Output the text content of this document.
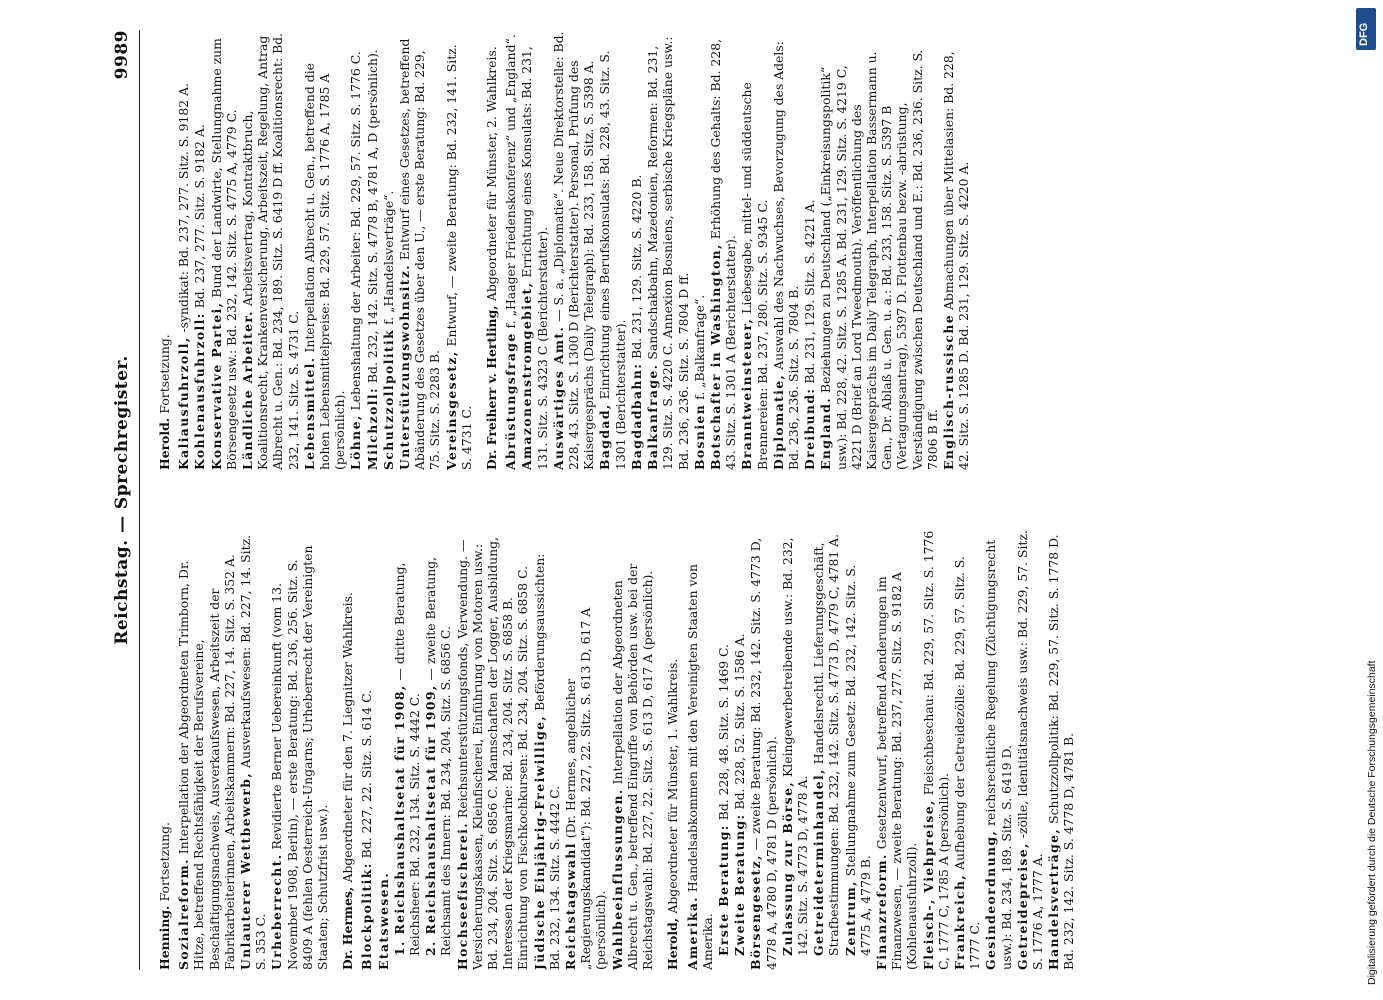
Reichstag. — Sprechregister.
9989
Henning. Fortsetzung. Sozialreform. Interpellation der Abgeordneten Trimborn, Dr. Hitze, betreffend Rechtsfähigkeit der Berufsvereine, Beschäftigungsnachweis, Ausverkaufswesen, Arbeitszeit der Fabrikarbeiterinnen, Arbeitskammern: Bd. 227, 14. Sitz. S. 352 A. Unlauterer Wettbewerb, Ausverkaufswesen: Bd. 227, 14. Sitz. S. 353 C. Urheberrecht. Revidierte Berner Uebereinkunft (vom 13. November 1908, Berlin), — erste Beratung: Bd. 236, 256. Sitz. S. 8409 A (fehlen Oesterreich-Ungarns; Urheberrecht der Vereinigten Staaten; Schutzfrist usw.). Dr. Hermes, Abgeordneter für den 7. Liegnitzer Wahlkreis.
Blockpolitik: Bd. 227, 22. Sitz. S. 614 C.
Etatswesen. 1. Reichshaushaltsetat für 1908, — dritte Beratung, Reichsheer: Bd. 232, 134. Sitz. S. 4442 C. 2. Reichshaushaltsetat für 1909, — zweite Beratung, Reichsamt des Innern: Bd. 234, 204. Sitz. S. 6856 C. Hochseefischerei. Reichsunterstützungsfonds, Verwendung. — Versicherungskassen, Kleinfischerei, Einführung von Motoren usw.: Bd. 234, 204. Sitz. S. 6856 C. Mannschaften der Logger, Ausbildung, Interessen der Kriegsmarine: Bd. 234, 204. Sitz. S. 6858 B. Einrichtung von Fischkochkursen: Bd. 234, 204. Sitz. S. 6858 C. Jüdische Einjährig-Freiwillige, Beförderungsaussichten: Bd. 232, 134. Sitz. S. 4442 C. Reichstagswahl (Dr. Hermes, angeblicher „Regierungskandidat“): Bd. 227, 22. Sitz. S. 613 D, 617 A (persönlich). Wahlbeeinflussungen. Interpellation der Abgeordneten Albrecht u. Gen., betreffend Eingriffe von Behörden usw. bei der Reichstagswahl: Bd. 227, 22. Sitz. S. 613 D, 617 A (persönlich). Herold, Abgeordneter für Münster, 1. Wahlkreis.
Amerika. Handelsabkommen mit den Vereinigten Staaten von Amerika. Erste Beratung: Bd. 228, 48. Sitz. S. 1469 C.
Zweite Beratung: Bd. 228, 52. Sitz. S. 1586 A.
Börsengesetz, — zweite Beratung: Bd. 232, 142. Sitz. S. 4773 D, 4778 A, 4780 D, 4781 D (persönlich). Zulassung zur Börse, Kleingewerbetreibende usw.: Bd. 232, 142. Sitz. S. 4773 D, 4778 A. Getreideterminhandel, Handelsrechtl. Lieferungsgeschäft, Strafbestimmungen: Bd. 232, 142. Sitz. S. 4773 D, 4779 C, 4781 A. Zentrum, Stellungnahme zum Gesetz: Bd. 232, 142. Sitz. S. 4775 A, 4779 B. Finanzreform. Gesetzentwurf, betreffend Aenderungen im Finanzwesen, — zweite Beratung: Bd. 237, 277. Sitz. S. 9182 A (Kohlenausfuhrzoll). Fleisch-, Viehpreise, Fleischbeschau: Bd. 229, 57. Sitz. S. 1776 C, 1777 C, 1785 A (persönlich). Frankreich, Aufhebung der Getreidezölle: Bd. 229, 57. Sitz. S. 1777 C. Gesindeordnung, reichsrechtliche Regelung (Züchtigungsrecht usw.): Bd. 234, 189. Sitz. S. 6419 D. Getreidepreise, -zölle, Identitätsnachweis usw.: Bd. 229, 57. Sitz. S. 1776 A, 1777 A. Handelsverträge, Schutzzollpolitik: Bd. 229, 57. Sitz. S. 1778 D. Bd. 232, 142. Sitz. S. 4778 D, 4781 B.
Herold. Fortsetzung. Kaliausfuhrzoll, -syndikat: Bd. 237, 277. Sitz. S. 9182 A.
Kohlenausfuhrzoll: Bd. 237, 277. Sitz. S. 9182 A.
Konservative Partei, Bund der Landwirte, Stellungnahme zum Börsengesetz usw.: Bd. 232, 142. Sitz. S. 4775 A, 4779 C. Ländliche Arbeiter. Arbeitsvertrag, Kontraktbruch, Koalitionsrecht, Krankenversicherung, Arbeitszeit, Regelung, Antrag Albrecht u. Gen.: Bd. 234, 189. Sitz. S. 6419 D ff. Koalitionsrecht: Bd. 232, 141. Sitz. S. 4731 C. Lebensmittel. Interpellation Albrecht u. Gen., betreffend die hohen Lebensmittelpreise: Bd. 229, 57. Sitz. S. 1776 A, 1785 A (persönlich). Löhne, Lebenshaltung der Arbeiter: Bd. 229, 57. Sitz. S. 1776 C.
Milchzoll: Bd. 232, 142. Sitz. S. 4778 B, 4781 A, D (persönlich).
Schutzzollpolitik f. „Handelsverträge“.
Unterstützungswohnsitz. Entwurf eines Gesetzes, betreffend Abänderung des Gesetzes über den U., — erste Beratung: Bd. 229, 75. Sitz. S. 2283 B. Vereinsgesetz, Entwurf, — zweite Beratung: Bd. 232, 141. Sitz. S. 4731 C. Dr. Freiherr v. Hertling, Abgeordneter für Münster, 2. Wahlkreis.
Abrüstungsfrage f. „Haager Friedenskonferenz“ und „England“.
Amazonenstromgebiet, Errichtung eines Konsulats: Bd. 231, 131. Sitz. S. 4323 C (Berichterstatter). Auswärtiges Amt. — S. a. „Diplomatie“. Neue Direktorstelle: Bd. 228, 43. Sitz. S. 1300 D (Berichterstatter). Personal, Prüfung des Kaisergesprächs (Daily Telegraph): Bd. 233, 158. Sitz. S. 5398 A. Bagdad, Einrichtung eines Berufskonsulats: Bd. 228, 43. Sitz. S. 1301 (Berichterstatter). Bagdadbahn: Bd. 231, 129. Sitz. S. 4220 B.
Balkanfrage. Sandschakbahn, Mazedonien, Reformen: Bd. 231, 129. Sitz. S. 4220 C. Annexion Bosniens, serbische Kriegspläne usw.: Bd. 236, 236. Sitz. S. 7804 D ff. Bosnien f. „Balkanfrage“. Botschafter in Washington, Erhöhung des Gehalts: Bd. 228, 43. Sitz. S. 1301 A (Berichterstatter). Branntweinsteuer, Liebesgabe, mittel- und süddeutsche Brennereien: Bd. 237, 280. Sitz. S. 9345 C. Diplomatie, Auswahl des Nachwuchses, Bevorzugung des Adels: Bd. 236, 236. Sitz. S. 7804 B. Dreibund: Bd. 231, 129. Sitz. S. 4221 A.
England. Beziehungen zu Deutschland („Einkreisungspolitik“ usw.): Bd. 228, 42. Sitz. S. 1285 A. Bd. 231, 129. Sitz. S. 4219 C, 4221 D (Brief an Lord Tweedmouth). Veröffentlichung des Kaisergesprächs im Daily Telegraph, Interpellation Bassermann u. Gen., Dr. Ablaß u. Gen. u. a.: Bd. 233, 158. Sitz. S. 5397 B (Vertagungsantrag), 5397 D. Flottenbau bezw. -abrüstung, Verständigung zwischen Deutschland und E.: Bd. 236, 236. Sitz. S. 7806 B ff. Englisch-russische Abmachungen über Mittelasien: Bd. 228, 42. Sitz. S. 1285 D. Bd. 231, 129. Sitz. S. 4220 A.
DFG
Digitalisierung gefördert durch die Deutsche Forschungsgemeinschaft
